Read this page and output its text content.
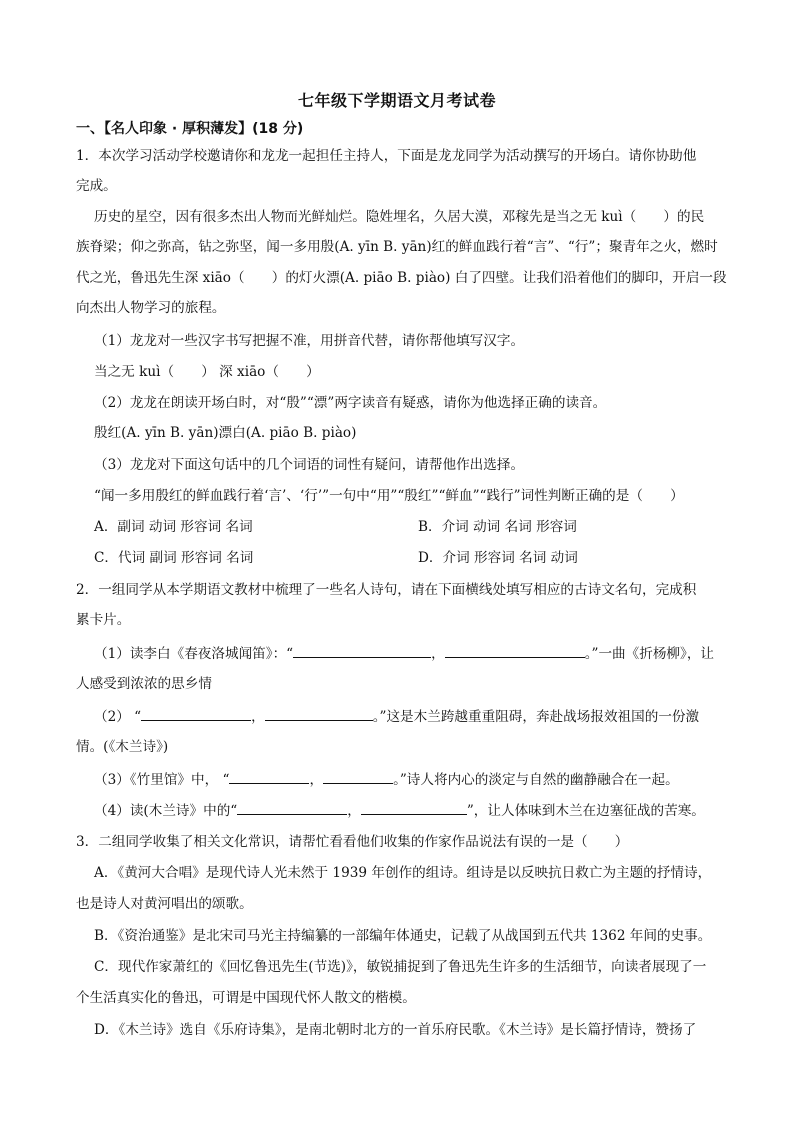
七年级下学期语文月考试卷
一、【名人印象 · 厚积薄发】(18 分)
1．本次学习活动学校邀请你和龙龙一起担任主持人，下面是龙龙同学为活动撰写的开场白。请你协助他
完成。
历史的星空，因有很多杰出人物而光鲜灿烂。隐姓埋名，久居大漠，邓稼先是当之无 kuì（　　）的民
族脊梁；仰之弥高，钻之弥坚，闻一多用殷(A. yīn B. yān)红的鲜血践行着“言”、“行”；聚青年之火，燃时
代之光，鲁迅先生深 xiāo（　　）的灯火漂(A. piāo B. piào) 白了四壁。让我们沿着他们的脚印，开启一段
向杰出人物学习的旅程。
（1）龙龙对一些汉字书写把握不准，用拼音代替，请你帮他填写汉字。
当之无 kuì（　　） 深 xiāo（　　）
（2）龙龙在朗读开场白时，对“殷”“漂”两字读音有疑惑，请你为他选择正确的读音。
殷红(A. yīn B. yān)漂白(A. piāo B. piào)
（3）龙龙对下面这句话中的几个词语的词性有疑问，请帮他作出选择。
“闻一多用殷红的鲜血践行着‘言’、‘行’”一句中“用”“殷红”“鲜血”“践行”词性判断正确的是（　　）
A．副词 动词 形容词 名词	B．介词 动词 名词 形容词
C．代词 副词 形容词 名词	D．介词 形容词 名词 动词
2．一组同学从本学期语文教材中梳理了一些名人诗句，请在下面横线处填写相应的古诗文名句，完成积
累卡片。
（1）读李白《春夜洛城闻笛》：“	，	。”一曲《折杨柳》，让
人感受到浓浓的思乡情
（2） “	，	。”这是木兰跨越重重阻碍，奔赴战场报效祖国的一份激
情。(《木兰诗》)
（3）《竹里馆》中， “	，	。”诗人将内心的淡定与自然的幽静融合在一起。
（4）读(木兰诗》中的“	，	”，让人体味到木兰在边塞征战的苦寒。
3．二组同学收集了相关文化常识，请帮忙看看他们收集的作家作品说法有误的一是（　　）
A．《黄河大合唱》是现代诗人光未然于 1939 年创作的组诗。组诗是以反映抗日救亡为主题的抒情诗，
也是诗人对黄河唱出的颂歌。
B．《资治通鉴》是北宋司马光主持编纂的一部编年体通史，记载了从战国到五代共 1362 年间的史事。
C．现代作家萧红的《回忆鲁迅先生(节选)》，敏锐捕捉到了鲁迅先生许多的生活细节，向读者展现了一
个生活真实化的鲁迅，可谓是中国现代怀人散文的楷模。
D．《木兰诗》选自《乐府诗集》，是南北朝时北方的一首乐府民歌。《木兰诗》是长篇抒情诗，赞扬了
